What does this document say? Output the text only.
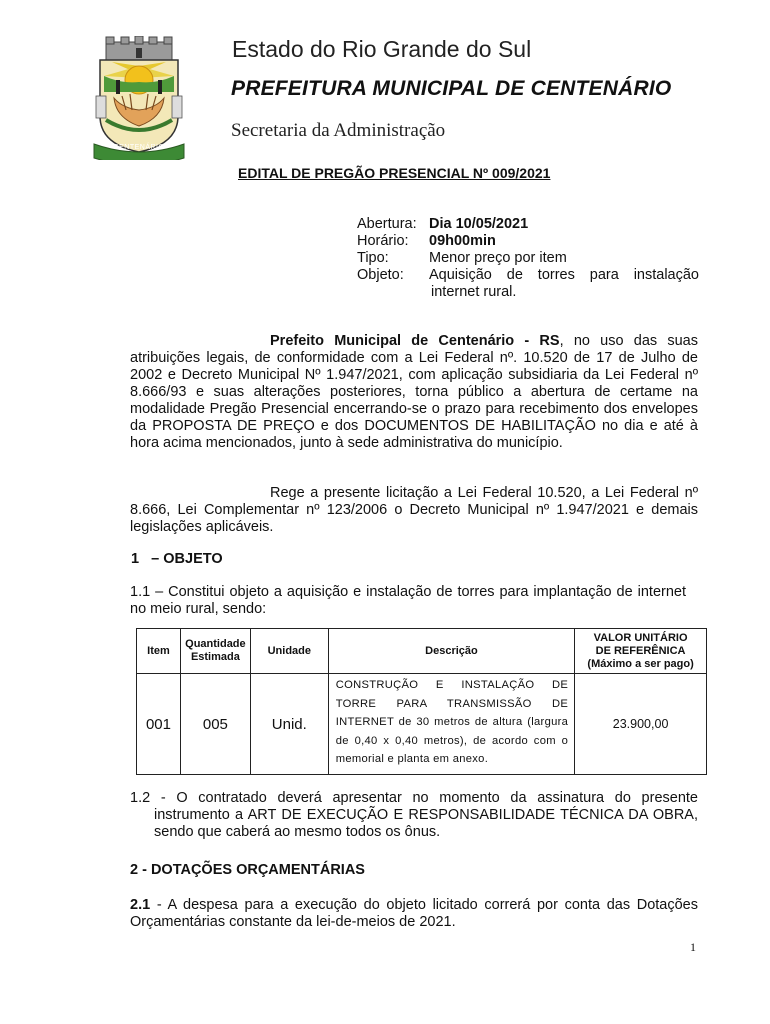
CENTENÁRIO
Estado do Rio Grande do Sul
PREFEITURA MUNICIPAL DE CENTENÁRIO
Secretaria da Administração
EDITAL DE PREGÃO PRESENCIAL Nº 009/2021
Abertura: Dia 10/05/2021
Horário:	09h00min
Tipo:	Menor preço por item
Objeto:	Aquisição de torres para instalação
internet rural.
Prefeito Municipal de Centenário - RS, no uso das suas atribuições legais, de conformidade com a Lei Federal nº. 10.520 de 17 de Julho de 2002 e Decreto Municipal Nº 1.947/2021, com aplicação subsidiaria da Lei Federal nº 8.666/93 e suas alterações posteriores, torna público a abertura de certame na modalidade Pregão Presencial encerrando-se o prazo para recebimento dos envelopes da PROPOSTA DE PREÇO e dos DOCUMENTOS DE HABILITAÇÃO no dia e até à hora acima mencionados, junto à sede administrativa do município.
Rege a presente licitação a Lei Federal 10.520, a Lei Federal nº 8.666, Lei Complementar nº 123/2006 o Decreto Municipal nº 1.947/2021 e demais legislações aplicáveis.
1 – OBJETO
1.1 – Constitui objeto a aquisição e instalação de torres para implantação de internet no meio rural, sendo:
Item	Quantidade Estimada	Unidade	Descrição	VALOR UNITÁRIO
DE REFERÊNICA
(Máximo a ser pago)

001	005	Unid.	CONSTRUÇÃO E INSTALAÇÃO DE TORRE PARA TRANSMISSÃO DE INTERNET de 30 metros de altura (largura de 0,40 x 0,40 metros), de acordo com o memorial e planta em anexo.	23.900,00
1.2 - O contratado deverá apresentar no momento da assinatura do presente
instrumento a ART DE EXECUÇÃO E RESPONSABILIDADE TÉCNICA DA OBRA, sendo que caberá ao mesmo todos os ônus.
2 - DOTAÇÕES ORÇAMENTÁRIAS
2.1 - A despesa para a execução do objeto licitado correrá por conta das Dotações Orçamentárias constante da lei-de-meios de 2021.
1
